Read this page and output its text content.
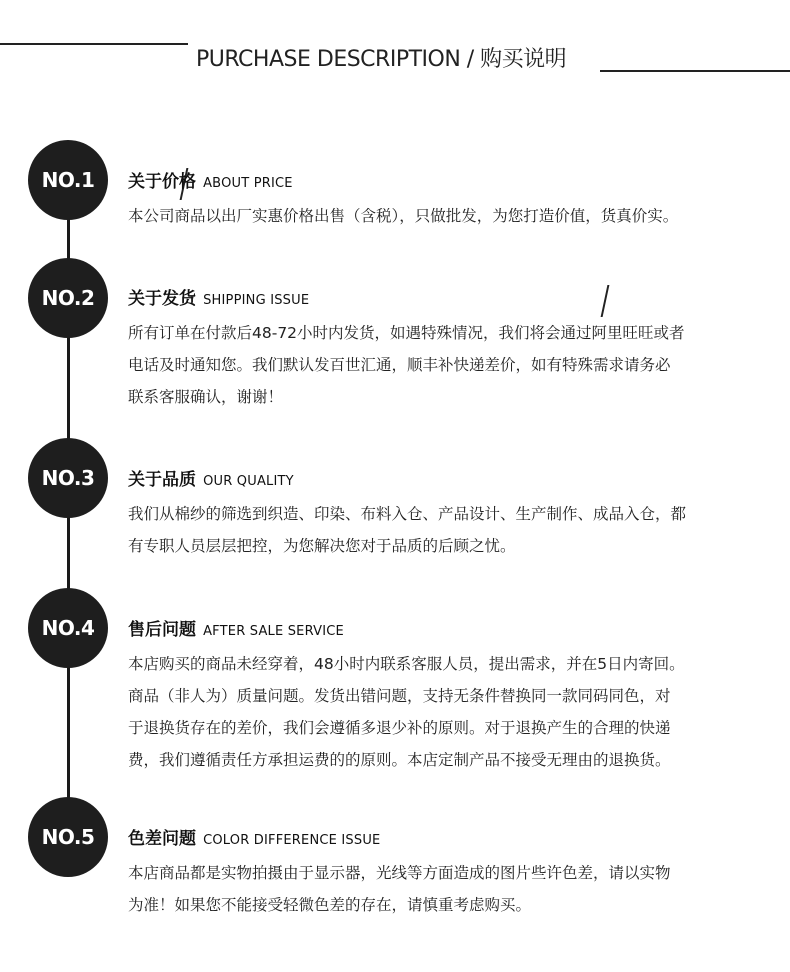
PURCHASE DESCRIPTION / 购买说明
NO.1
NO.2
NO.3
NO.4
NO.5
关于价格 ABOUT PRICE
本公司商品以出厂实惠价格出售（含税），只做批发，为您打造价值，货真价实。
关于发货 SHIPPING ISSUE
所有订单在付款后48-72小时内发货，如遇特殊情况，我们将会通过阿里旺旺或者
电话及时通知您。我们默认发百世汇通，顺丰补快递差价，如有特殊需求请务必
联系客服确认，谢谢！
关于品质 OUR QUALITY
我们从棉纱的筛选到织造、印染、布料入仓、产品设计、生产制作、成品入仓，都
有专职人员层层把控，为您解决您对于品质的后顾之忧。
售后问题 AFTER SALE SERVICE
本店购买的商品未经穿着，48小时内联系客服人员，提出需求，并在5日内寄回。
商品（非人为）质量问题。发货出错问题，支持无条件替换同一款同码同色，对
于退换货存在的差价，我们会遵循多退少补的原则。对于退换产生的合理的快递
费，我们遵循责任方承担运费的的原则。本店定制产品不接受无理由的退换货。
色差问题 COLOR DIFFERENCE ISSUE
本店商品都是实物拍摄由于显示器，光线等方面造成的图片些许色差，请以实物
为准！如果您不能接受轻微色差的存在，请慎重考虑购买。
